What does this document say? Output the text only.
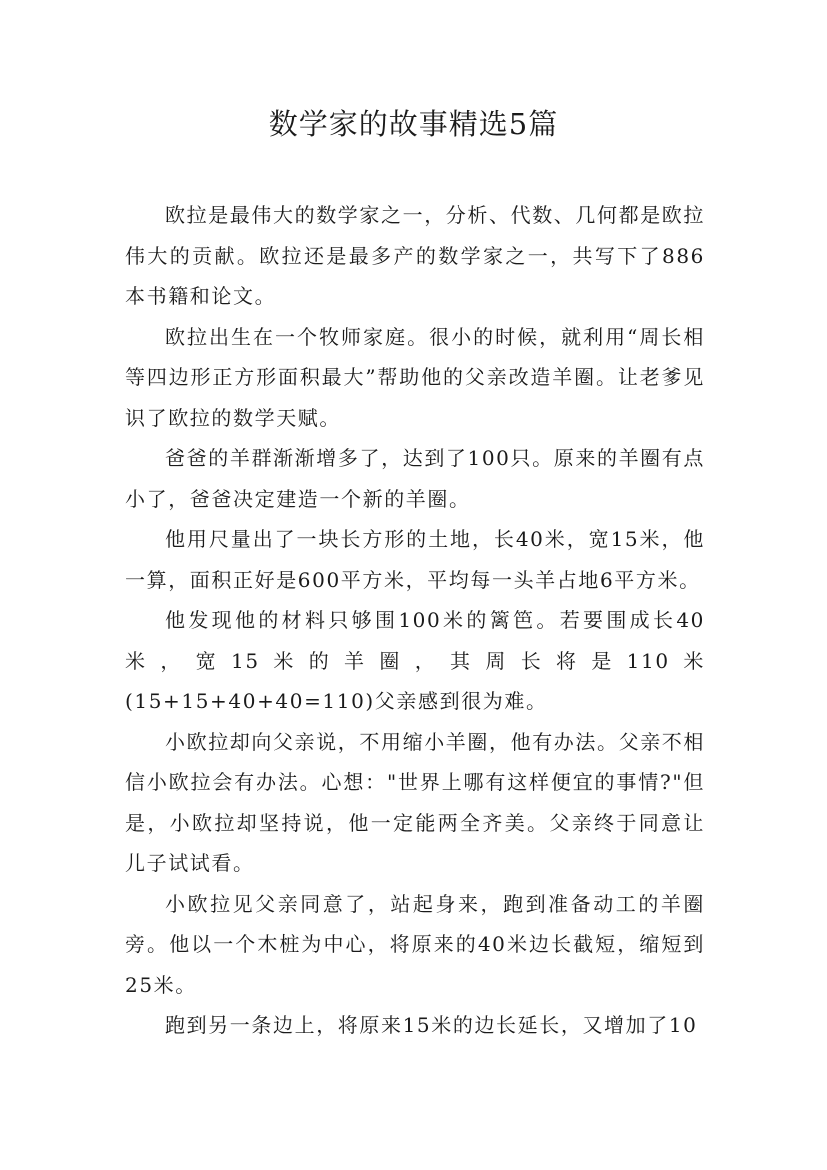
数学家的故事精选5篇

欧拉是最伟大的数学家之一，分析、代数、几何都是欧拉伟大的贡献。欧拉还是最多产的数学家之一，共写下了886本书籍和论文。

欧拉出生在一个牧师家庭。很小的时候，就利用“周长相等四边形正方形面积最大”帮助他的父亲改造羊圈。让老爹见识了欧拉的数学天赋。

爸爸的羊群渐渐增多了，达到了100只。原来的羊圈有点小了，爸爸决定建造一个新的羊圈。

他用尺量出了一块长方形的土地，长40米，宽15米，他一算，面积正好是600平方米，平均每一头羊占地6平方米。

他发现他的材料只够围100米的篱笆。若要围成长40米，宽15米的羊圈，其周长将是110米(15+15+40+40=110)父亲感到很为难。

小欧拉却向父亲说，不用缩小羊圈，他有办法。父亲不相信小欧拉会有办法。心想："世界上哪有这样便宜的事情?"但是，小欧拉却坚持说，他一定能两全齐美。父亲终于同意让儿子试试看。

小欧拉见父亲同意了，站起身来，跑到准备动工的羊圈旁。他以一个木桩为中心，将原来的40米边长截短，缩短到25米。

跑到另一条边上，将原来15米的边长延长，又增加了10
